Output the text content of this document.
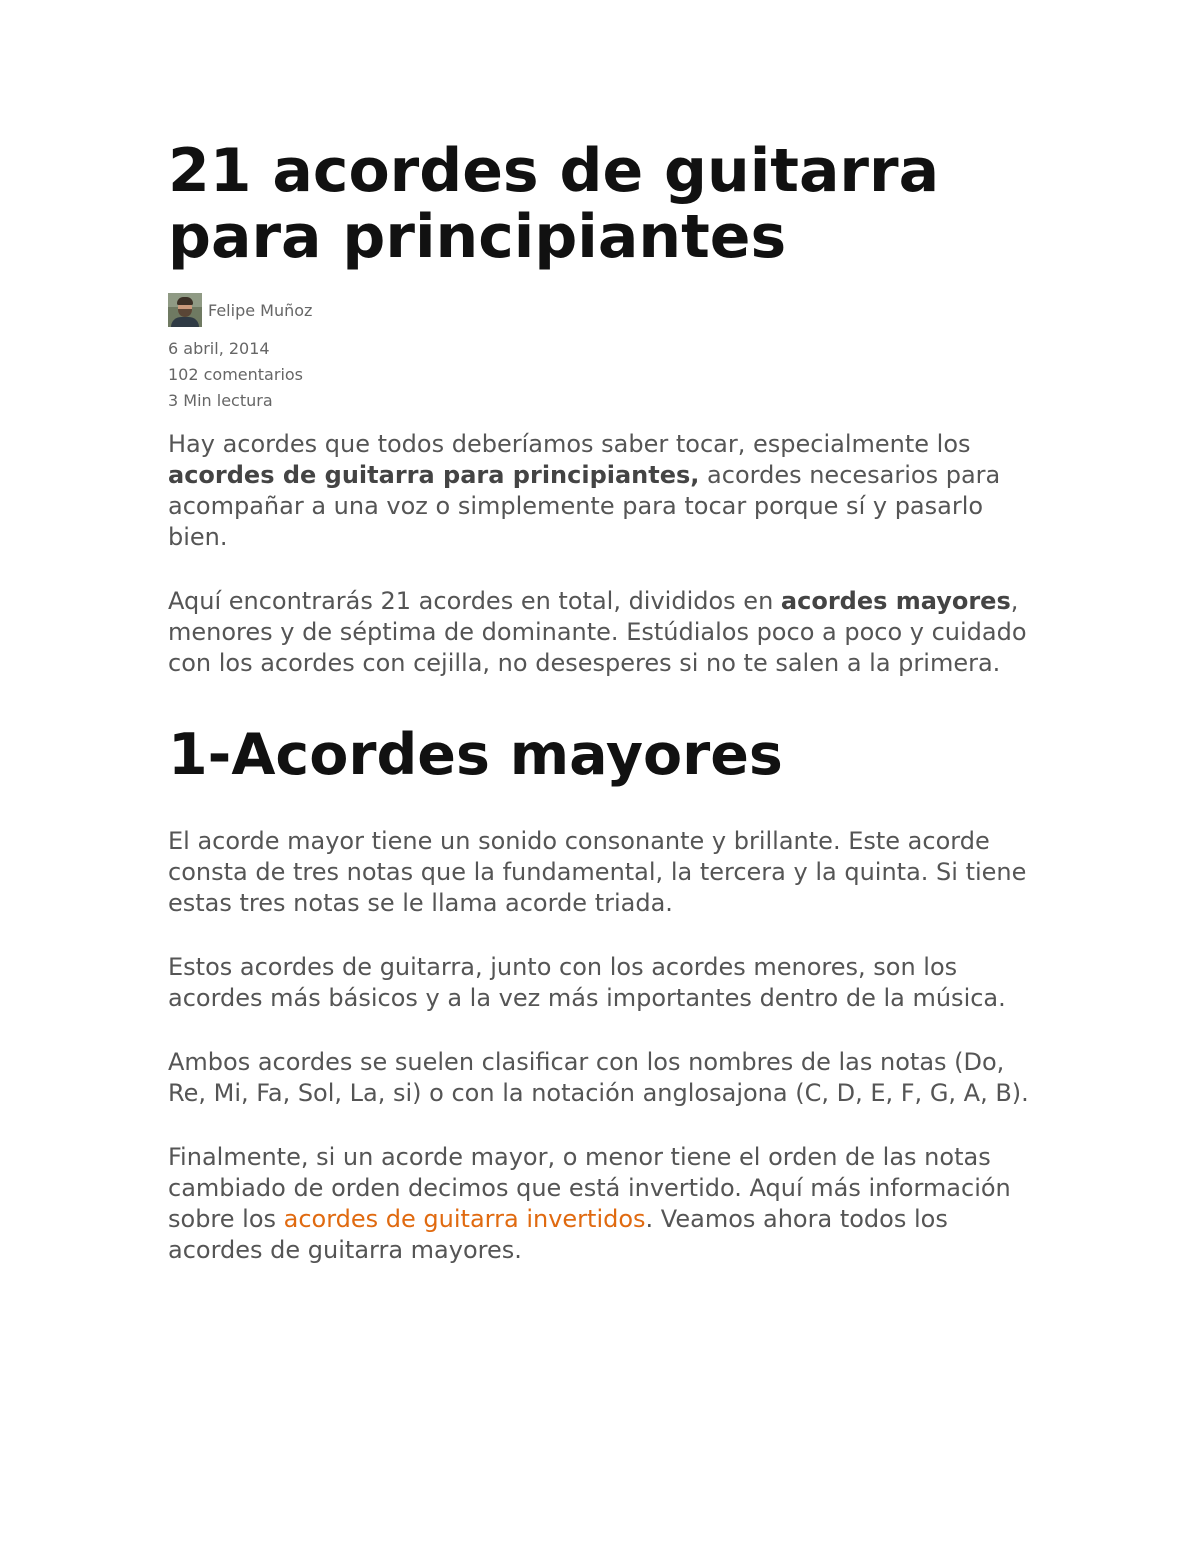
21 acordes de guitarra
para principiantes
Felipe Muñoz
6 abril, 2014
102 comentarios
3 Min lectura

Hay acordes que todos deberíamos saber tocar, especialmente los acordes de guitarra para principiantes, acordes necesarios para acompañar a una voz o simplemente para tocar porque sí y pasarlo bien.

Aquí encontrarás 21 acordes en total, divididos en acordes mayores, menores y de séptima de dominante. Estúdialos poco a poco y cuidado con los acordes con cejilla, no desesperes si no te salen a la primera.

1-Acordes mayores

El acorde mayor tiene un sonido consonante y brillante. Este acorde consta de tres notas que la fundamental, la tercera y la quinta. Si tiene estas tres notas se le llama acorde triada.

Estos acordes de guitarra, junto con los acordes menores, son los acordes más básicos y a la vez más importantes dentro de la música.

Ambos acordes se suelen clasificar con los nombres de las notas (Do, Re, Mi, Fa, Sol, La, si) o con la notación anglosajona (C, D, E, F, G, A, B).

Finalmente, si un acorde mayor, o menor tiene el orden de las notas cambiado de orden decimos que está invertido. Aquí más información sobre los acordes de guitarra invertidos. Veamos ahora todos los acordes de guitarra mayores.
